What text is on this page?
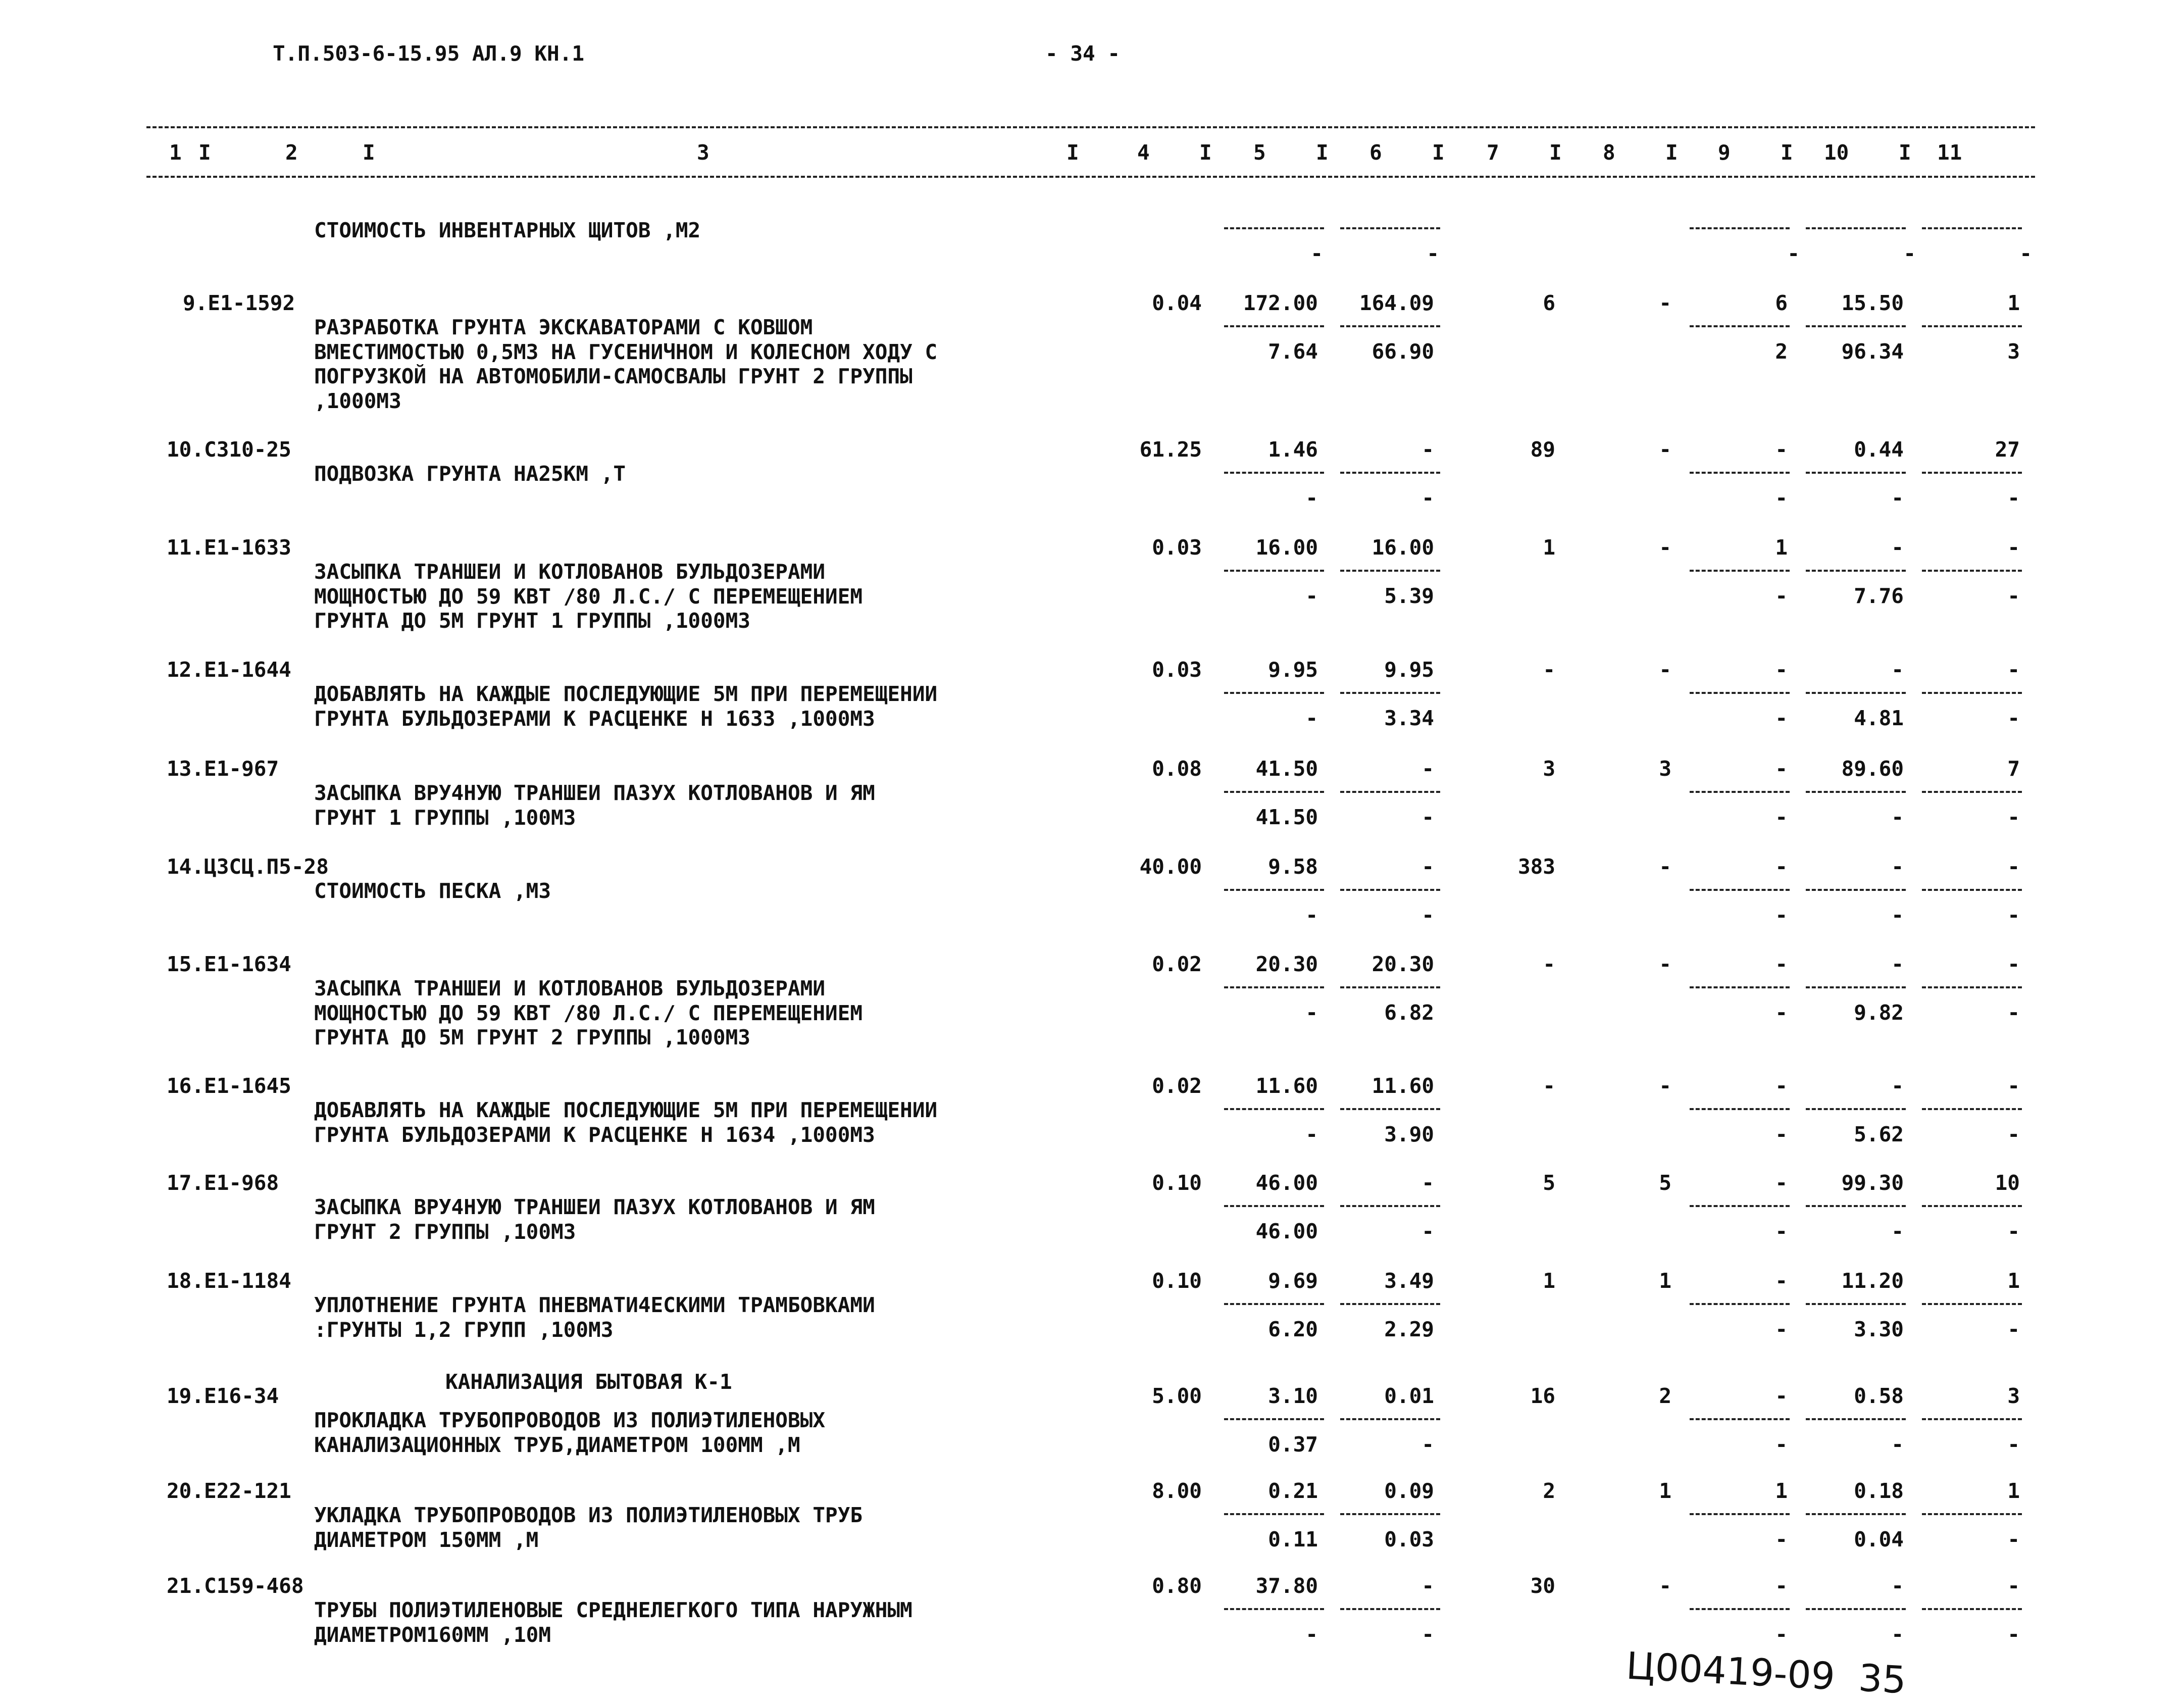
Т.П.503-6-15.95 АЛ.9 КН.1	- 34 -
1 I	2	I	3	I	4 I 5 I 6 I 7 I 8 I 9 I 10 I 11
СТОИМОСТЬ ИНВЕНТАРНЫХ ЩИТОВ ,М2
-	-	-	-	-
9.Е1-1592
РАЗРАБОТКА ГРУНТА ЭКСКАВАТОРАМИ С КОВШОМ
ВМЕСТИМОСТЬЮ 0,5М3 НА ГУСЕНИЧНОМ И КОЛЕСНОМ ХОДУ С
ПОГРУЗКОЙ НА АВТОМОБИЛИ-САМОСВАЛЫ ГРУНТ 2 ГРУППЫ
,1000М3
0.04	172.00	164.09	6	-	6	15.50	1
7.64	66.90	2	96.34	3
10.С310-25
ПОДВОЗКА ГРУНТА НА25КМ ,Т
61.25	1.46	-	89	-	-	0.44	27
-	-	-	-	-
11.Е1-1633
ЗАСЫПКА ТРАНШЕИ И КОТЛОВАНОВ БУЛЬДОЗЕРАМИ
МОЩНОСТЬЮ ДО 59 КВТ /80 Л.С./ С ПЕРЕМЕЩЕНИЕМ
ГРУНТА ДО 5М ГРУНТ 1 ГРУППЫ ,1000М3
0.03	16.00	16.00	1	-	1	-	-
-	5.39	-	7.76	-
12.Е1-1644
ДОБАВЛЯТЬ НА КАЖДЫЕ ПОСЛЕДУЮЩИЕ 5М ПРИ ПЕРЕМЕЩЕНИИ
ГРУНТА БУЛЬДОЗЕРАМИ К РАСЦЕНКЕ Н 1633 ,1000М3
0.03	9.95	9.95	-	-	-	-	-
-	3.34	-	4.81	-
13.Е1-967
ЗАСЫПКА ВРУ4НУЮ ТРАНШЕИ ПАЗУХ КОТЛОВАНОВ И ЯМ
ГРУНТ 1 ГРУППЫ ,100М3
0.08	41.50	-	3	3	-	89.60	7
41.50	-	-	-	-
14.ЦЗСЦ.П5-28
СТОИМОСТЬ ПЕСКА ,М3
40.00	9.58	-	383	-	-	-	-
-	-	-	-	-
15.Е1-1634
ЗАСЫПКА ТРАНШЕИ И КОТЛОВАНОВ БУЛЬДОЗЕРАМИ
МОЩНОСТЬЮ ДО 59 КВТ /80 Л.С./ С ПЕРЕМЕЩЕНИЕМ
ГРУНТА ДО 5М ГРУНТ 2 ГРУППЫ ,1000М3
0.02	20.30	20.30	-	-	-	-	-
-	6.82	-	9.82	-
16.Е1-1645
ДОБАВЛЯТЬ НА КАЖДЫЕ ПОСЛЕДУЮЩИЕ 5М ПРИ ПЕРЕМЕЩЕНИИ
ГРУНТА БУЛЬДОЗЕРАМИ К РАСЦЕНКЕ Н 1634 ,1000М3
0.02	11.60	11.60	-	-	-	-	-
-	3.90	-	5.62	-
17.Е1-968
ЗАСЫПКА ВРУ4НУЮ ТРАНШЕИ ПАЗУХ КОТЛОВАНОВ И ЯМ
ГРУНТ 2 ГРУППЫ ,100М3
0.10	46.00	-	5	5	-	99.30	10
46.00	-	-	-	-
18.Е1-1184
УПЛОТНЕНИЕ ГРУНТА ПНЕВМАТИ4ЕСКИМИ ТРАМБОВКАМИ
:ГРУНТЫ 1,2 ГРУПП ,100М3
0.10	9.69	3.49	1	1	-	11.20	1
6.20	2.29	-	3.30	-
19.Е16-34
ПРОКЛАДКА ТРУБОПРОВОДОВ ИЗ ПОЛИЭТИЛЕНОВЫХ
КАНАЛИЗАЦИОННЫХ ТРУБ,ДИАМЕТРОМ 100ММ ,М
5.00	3.10	0.01	16	2	-	0.58	3
0.37	-	-	-	-
20.Е22-121
УКЛАДКА ТРУБОПРОВОДОВ ИЗ ПОЛИЭТИЛЕНОВЫХ ТРУБ
ДИАМЕТРОМ 150ММ ,М
8.00	0.21	0.09	2	1	1	0.18	1
0.11	0.03	-	0.04	-
21.С159-468
ТРУБЫ ПОЛИЭТИЛЕНОВЫЕ СРЕДНЕЛЕГКОГО ТИПА НАРУЖНЫМ
ДИАМЕТРОМ160ММ ,10М
0.80	37.80	-	30	-	-	-	-
-	-	-	-	-
КАНАЛИЗАЦИЯ БЫТОВАЯ К-1
Ц00419-09  35
